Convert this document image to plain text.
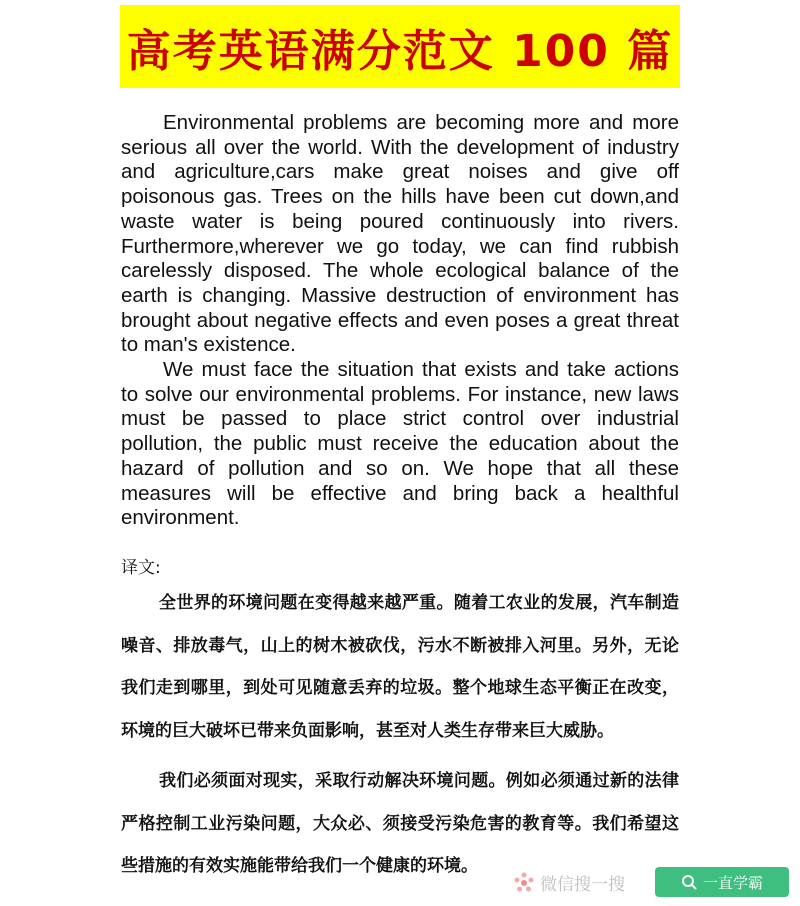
高考英语满分范文 100 篇

Environmental problems are becoming more and more serious all over the world. With the development of industry and agriculture,cars make great noises and give off poisonous gas. Trees on the hills have been cut down,and waste water is being poured continuously into rivers. Furthermore,wherever we go today, we can find rubbish carelessly disposed. The whole ecological balance of the earth is changing. Massive destruction of environment has brought about negative effects and even poses a great threat to man's existence.

We must face the situation that exists and take actions to solve our environmental problems. For instance, new laws must be passed to place strict control over industrial pollution, the public must receive the education about the hazard of pollution and so on. We hope that all these measures will be effective and bring back a healthful environment.

译文:

全世界的环境问题在变得越来越严重。随着工农业的发展，汽车制造噪音、排放毒气，山上的树木被砍伐，污水不断被排入河里。另外，无论我们走到哪里，到处可见随意丢弃的垃圾。整个地球生态平衡正在改变，环境的巨大破坏已带来负面影响，甚至对人类生存带来巨大威胁。

我们必须面对现实，采取行动解决环境问题。例如必须通过新的法律严格控制工业污染问题，大众必、须接受污染危害的教育等。我们希望这些措施的有效实施能带给我们一个健康的环境。

微信搜一搜	一直学霸
